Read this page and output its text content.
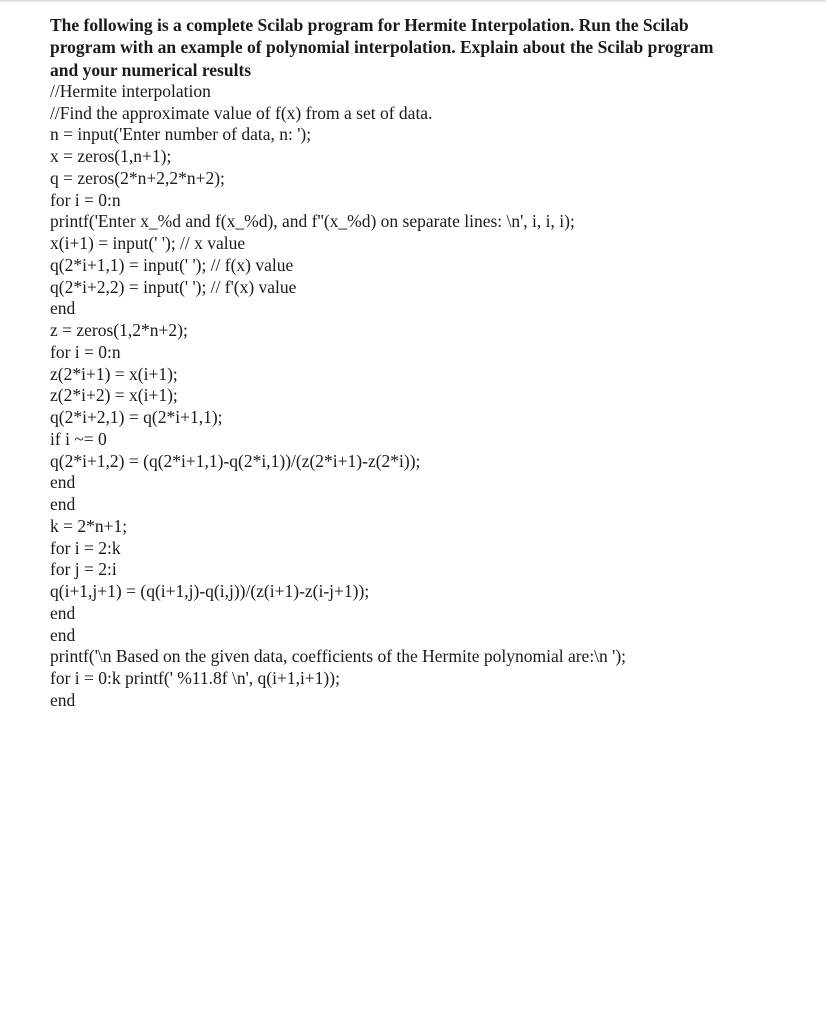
The following is a complete Scilab program for Hermite Interpolation. Run the Scilab
program with an example of polynomial interpolation. Explain about the Scilab program
and your numerical results
//Hermite interpolation
//Find the approximate value of f(x) from a set of data.
n = input('Enter number of data, n: ');
x = zeros(1,n+1);
q = zeros(2*n+2,2*n+2);
for i = 0:n
printf('Enter x_%d and f(x_%d), and f''(x_%d) on separate lines: \n', i, i, i);
x(i+1) = input(' '); // x value
q(2*i+1,1) = input(' '); // f(x) value
q(2*i+2,2) = input(' '); // f'(x) value
end
z = zeros(1,2*n+2);
for i = 0:n
z(2*i+1) = x(i+1);
z(2*i+2) = x(i+1);
q(2*i+2,1) = q(2*i+1,1);
if i ~= 0
q(2*i+1,2) = (q(2*i+1,1)-q(2*i,1))/(z(2*i+1)-z(2*i));
end
end
k = 2*n+1;
for i = 2:k
for j = 2:i
q(i+1,j+1) = (q(i+1,j)-q(i,j))/(z(i+1)-z(i-j+1));
end
end
printf('\n Based on the given data, coefficients of the Hermite polynomial are:\n ');
for i = 0:k printf(' %11.8f \n', q(i+1,i+1));
end
